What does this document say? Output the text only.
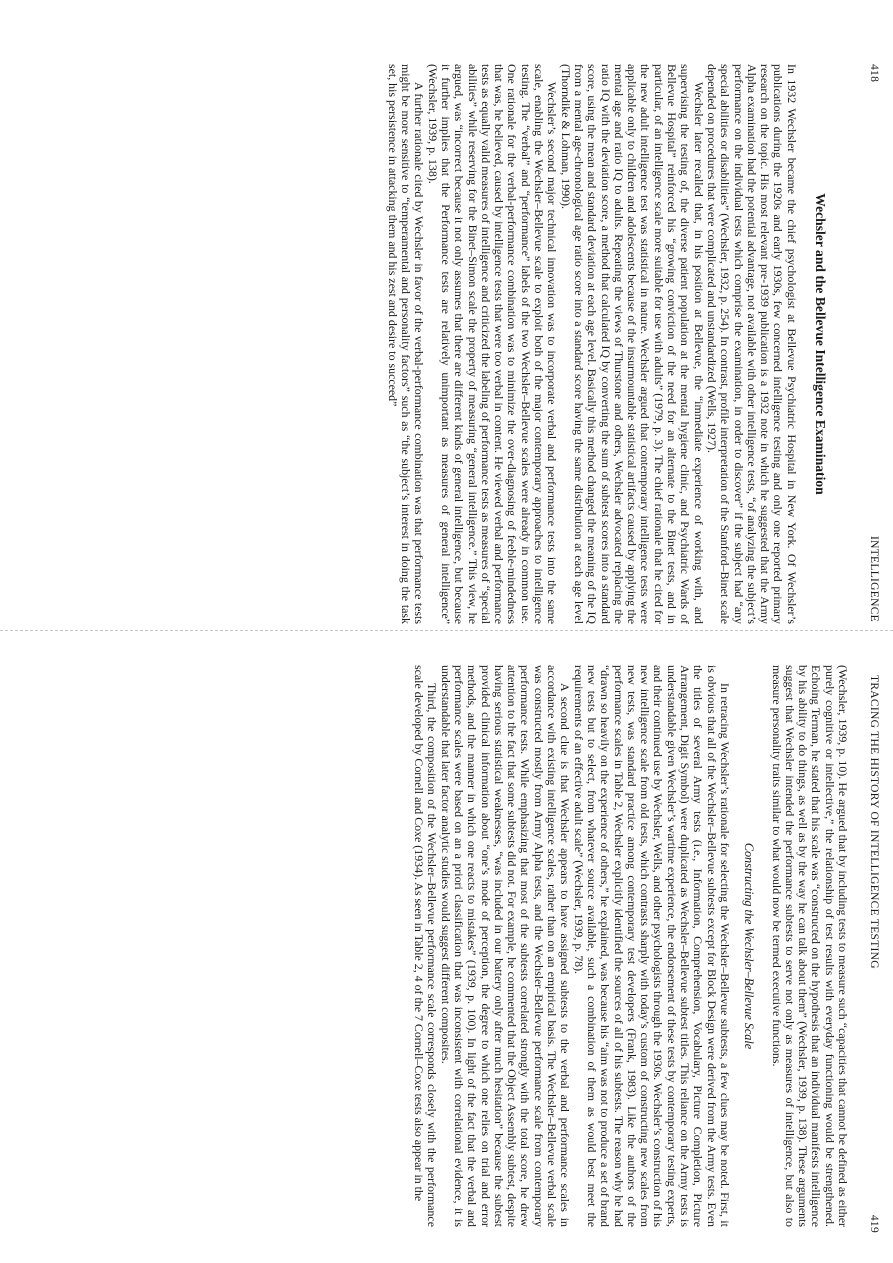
418
INTELLIGENCE
Wechsler and the Bellevue Intelligence Examination

In 1932 Wechsler became the chief psychologist at Bellevue Psychiatric Hospital in New York. Of Wechsler’s publications during the 1920s and early 1930s, few concerned intelligence testing and only one reported primary research on the topic. His most relevant pre-1939 publication is a 1932 note in which he suggested that the Army Alpha examination had the potential advantage, not available with other intelligence tests, “of analyzing the subject’s performance on the individual tests which comprise the examination, in order to discover” if the subject had “any special abilities or disabilities” (Wechsler, 1932, p. 254). In contrast, profile interpretation of the Stanford–Binet scale depended on procedures that were complicated and unstandardized (Wells, 1927).

Wechsler later recalled that, in his position at Bellevue, the “immediate experience of working with, and supervising the testing of, the diverse patient population at the mental hygiene clinic, and Psychiatric Wards of Bellevue Hospital” reinforced his “growing conviction of the need for an alternate to the Binet tests, and in particular, of an intelligence scale more suitable for use with adults” (1979, p. 3). The chief rationale that he cited for the new adult intelligence test was statistical in nature. Wechsler argued that contemporary intelligence tests were applicable only to children and adolescents because of the insurmountable statistical artifacts caused by applying the mental age and ratio IQ to adults. Repeating the views of Thurstone and others, Wechsler advocated replacing the ratio IQ with the deviation score, a method that calculated IQ by converting the sum of subtest scores into a standard score, using the mean and standard deviation at each age level. Basically this method changed the meaning of the IQ from a mental age-chronological age ratio score into a standard score having the same distribution at each age level (Thorndike & Lohman, 1990).

Wechsler’s second major technical innovation was to incorporate verbal and performance tests into the same scale, enabling the Wechsler–Bellevue scale to exploit both of the major contemporary approaches to intelligence testing. The “verbal” and “performance” labels of the two Wechsler–Bellevue scales were already in common use. One rationale for the verbal-performance combination was to minimize the over-diagnosing of feeble-mindedness that was, he believed, caused by intelligence tests that were too verbal in content. He viewed verbal and performance tests as equally valid measures of intelligence and criticized the labeling of performance tests as measures of “special abilities” while reserving for the Binet–Simon scale the property of measuring “general intelligence.” This view, he argued, was “incorrect because it not only assumes that there are different kinds of general intelligence, but because it further implies that the Performance tests are relatively unimportant as measures of general intelligence” (Wechsler, 1939, p. 138).

A further rationale cited by Wechsler in favor of the verbal-performance combination was that performance tests might be more sensitive to “temperamental and personality factors” such as “the subject’s interest in doing the task set, his persistence in attacking them and his zest and desire to succeed”

TRACING THE HISTORY OF INTELLIGENCE TESTING
419

(Wechsler, 1939, p. 10). He argued that by including tests to measure such “capacities that cannot be defined as either purely cognitive or intellective,” the relationship of test results with everyday functioning would be strengthened. Echoing Terman, he stated that his scale was “constructed on the hypothesis that an individual manifests intelligence by his ability to do things, as well as by the way he can talk about them” (Wechsler, 1939, p. 138). These arguments suggest that Wechsler intended the performance subtests to serve not only as measures of intelligence, but also to measure personality traits similar to what would now be termed executive functions.

Constructing the Wechsler–Bellevue Scale

In retracing Wechsler’s rationale for selecting the Wechsler–Bellevue subtests, a few clues may be noted. First, it is obvious that all of the Wechsler–Bellevue subtests except for Block Design were derived from the Army tests. Even the titles of several Army tests (i.e., Information, Comprehension, Vocabulary, Picture Completion, Picture Arrangement, Digit Symbol) were duplicated as Wechsler–Bellevue subtest titles. This reliance on the Army tests is understandable given Wechsler’s wartime experience, the endorsement of these tests by contemporary testing experts, and their continued use by Wechsler, Wells, and other psychologists through the 1930s. Wechsler’s construction of his new intelligence scale from old tests, which contrasts sharply with today’s custom of constructing new scales from new tests, was standard practice among contemporary test developers (Frank, 1983). Like the authors of the performance scales in Table 2, Wechsler explicitly identified the sources of all of his subtests. The reason why he had “drawn so heavily on the experience of others,” he explained, was because his “aim was not to produce a set of brand new tests but to select, from whatever source available, such a combination of them as would best meet the requirements of an effective adult scale” (Wechsler, 1939, p. 78).

A second clue is that Wechsler appears to have assigned subtests to the verbal and performance scales in accordance with existing intelligence scales, rather than on an empirical basis. The Wechsler–Bellevue verbal scale was constructed mostly from Army Alpha tests, and the Wechsler–Bellevue performance scale from contemporary performance tests. While emphasizing that most of the subtests correlated strongly with the total score, he drew attention to the fact that some subtests did not. For example, he commented that the Object Assembly subtest, despite having serious statistical weaknesses, “was included in our battery only after much hesitation” because the subtest provided clinical information about “one’s mode of perception, the degree to which one relies on trial and error methods, and the manner in which one reacts to mistakes” (1939, p. 100). In light of the fact that the verbal and performance scales were based on an a priori classification that was inconsistent with correlational evidence, it is understandable that later factor analytic studies would suggest different composites.

Third, the composition of the Wechsler–Bellevue performance scale corresponds closely with the performance scale developed by Cornell and Coxe (1934). As seen in Table 2, 4 of the 7 Cornell–Coxe tests also appear in the
